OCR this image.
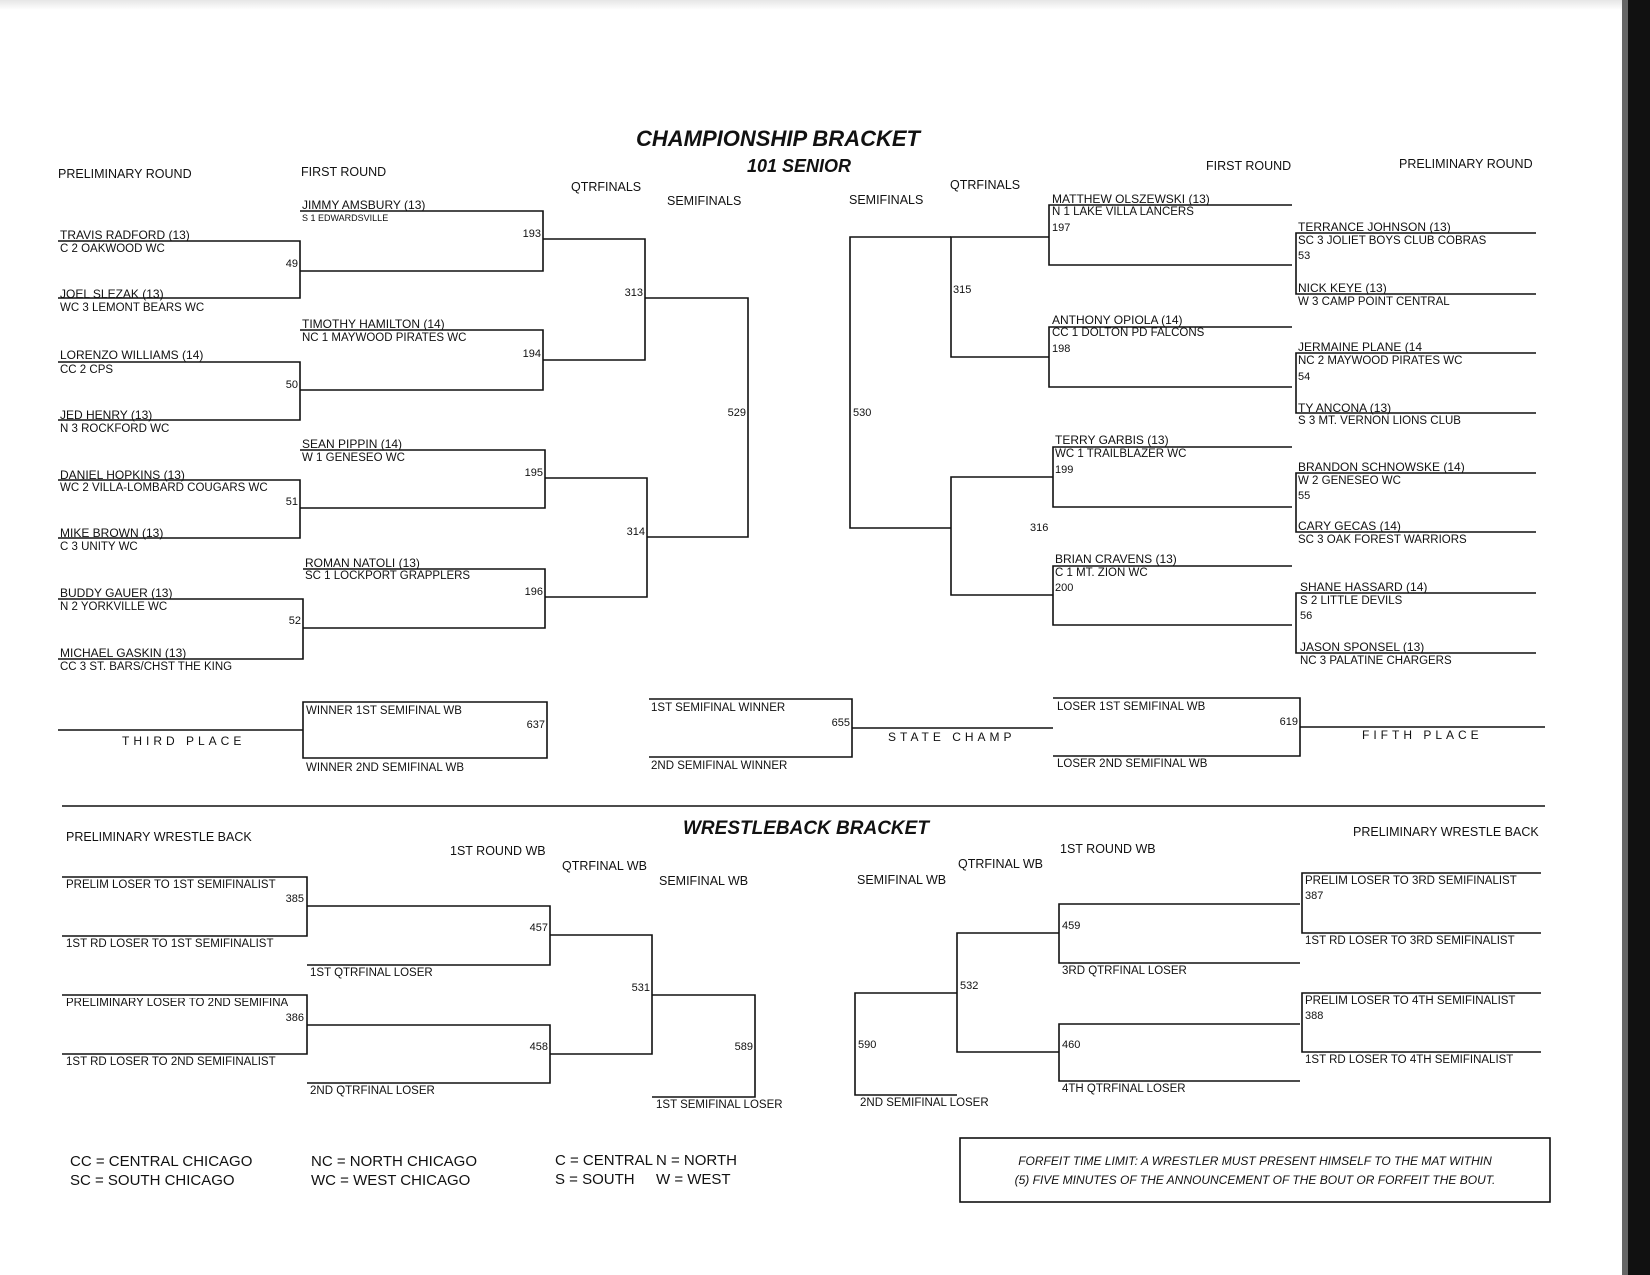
CHAMPIONSHIP BRACKET
101 SENIOR
WRESTLEBACK BRACKET
PRELIMINARY ROUND	FIRST ROUND
QTRFINALS
SEMIFINALS	SEMIFINALS
QTRFINALS
FIRST ROUND	PRELIMINARY ROUND
TRAVIS RADFORD (13)
C 2 OAKWOOD WC
JOEL SLEZAK (13)
WC 3 LEMONT BEARS WC
LORENZO WILLIAMS (14)
CC 2 CPS
JED HENRY (13)
N 3 ROCKFORD WC
DANIEL HOPKINS (13)
WC 2 VILLA-LOMBARD COUGARS WC
MIKE BROWN (13)
C 3 UNITY WC
BUDDY GAUER (13)
N 2 YORKVILLE WC
MICHAEL GASKIN (13)
CC 3 ST. BARS/CHST THE KING
49
50
51
52
JIMMY AMSBURY (13)
S 1 EDWARDSVILLE
TIMOTHY HAMILTON (14)
NC 1 MAYWOOD PIRATES WC
SEAN PIPPIN (14)
W 1 GENESEO WC
ROMAN NATOLI (13)
SC 1 LOCKPORT GRAPPLERS
193
194
195
196
313
314
529	530
315
316
MATTHEW OLSZEWSKI (13)
N 1 LAKE VILLA LANCERS
197
ANTHONY OPIOLA (14)
CC 1 DOLTON PD FALCONS
198
TERRY GARBIS (13)
WC 1 TRAILBLAZER WC
199
BRIAN CRAVENS (13)
C 1 MT. ZION WC
200
TERRANCE JOHNSON (13)
SC 3 JOLIET BOYS CLUB COBRAS
53
NICK KEYE (13)
W 3 CAMP POINT CENTRAL
JERMAINE PLANE (14
NC 2 MAYWOOD PIRATES WC
54
TY ANCONA (13)
S 3 MT. VERNON LIONS CLUB
BRANDON SCHNOWSKE (14)
W 2 GENESEO WC
55
CARY GECAS (14)
SC 3 OAK FOREST WARRIORS
SHANE HASSARD (14)
S 2 LITTLE DEVILS
56
JASON SPONSEL (13)
NC 3 PALATINE CHARGERS
THIRD PLACE
WINNER 1ST SEMIFINAL WB
WINNER 2ND SEMIFINAL WB
637
1ST SEMIFINAL WINNER
2ND SEMIFINAL WINNER
655
STATE CHAMP
LOSER 1ST SEMIFINAL WB
LOSER 2ND SEMIFINAL WB
619
FIFTH PLACE
PRELIMINARY WRESTLE BACK
1ST ROUND WB
QTRFINAL WB
SEMIFINAL WB	SEMIFINAL WB
QTRFINAL WB
1ST ROUND WB
PRELIMINARY WRESTLE BACK
PRELIM LOSER TO 1ST SEMIFINALIST
1ST RD LOSER TO 1ST SEMIFINALIST
PRELIMINARY LOSER TO 2ND SEMIFINA
1ST RD LOSER TO 2ND SEMIFINALIST
385
386
1ST QTRFINAL LOSER
2ND QTRFINAL LOSER
457
458
531
1ST SEMIFINAL LOSER
589
PRELIM LOSER TO 3RD SEMIFINALIST
1ST RD LOSER TO 3RD SEMIFINALIST
PRELIM LOSER TO 4TH SEMIFINALIST
1ST RD LOSER TO 4TH SEMIFINALIST
387
388
3RD QTRFINAL LOSER
4TH QTRFINAL LOSER
459
460
532
2ND SEMIFINAL LOSER
590
CC = CENTRAL CHICAGO
SC = SOUTH CHICAGO
NC = NORTH CHICAGO
WC = WEST CHICAGO
C = CENTRAL
S = SOUTH
N = NORTH
W = WEST
FORFEIT TIME LIMIT: A WRESTLER MUST PRESENT HIMSELF TO THE MAT WITHIN
(5) FIVE MINUTES OF THE ANNOUNCEMENT OF THE BOUT OR FORFEIT THE BOUT.
